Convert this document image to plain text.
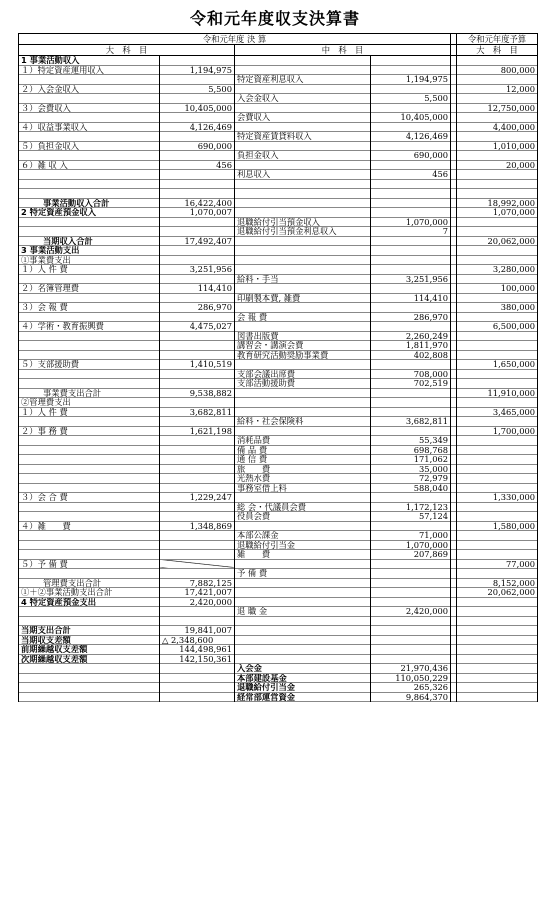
令和元年度収支決算書
令和元年度 決 算					令和元年度予算
大　科　目		中　科　目			大　科　目
1 事業活動収入					
１）特定資産運用収入	1,194,975				800,000
		特定資産利息収入	1,194,975		
２）入会金収入	5,500				12,000
		入会金収入	5,500		
３）会費収入	10,405,000				12,750,000
		会費収入	10,405,000		
４）収益事業収入	4,126,469				4,400,000
		特定資産賃貸料収入	4,126,469		
５）負担金収入	690,000				1,010,000
		負担金収入	690,000		
６）雑 収 入	456				20,000
		利息収入	456		

事業活動収入合計	16,422,400				18,992,000
2 特定資産預金収入	1,070,007				1,070,000
		退職給付引当預金収入	1,070,000		
		退職給付引当預金利息収入	7		
当期収入合計	17,492,407				20,062,000
3 事業活動支出					
①事業費支出					
１）人 件 費	3,251,956				3,280,000
		給料・手当	3,251,956		
２）名簿管理費	114,410				100,000
		印刷製本費, 雑費	114,410		
３）会 報 費	286,970				380,000
		会 報 費	286,970		
４）学術・教育振興費	4,475,027				6,500,000
		図書出版費	2,260,249		
		講習会・講演会費	1,811,970		
		教育研究活動奨励事業費	402,808		
５）支部援助費	1,410,519				1,650,000
		支部会議出席費	708,000		
		支部活動援助費	702,519		
事業費支出合計	9,538,882				11,910,000
②管理費支出					
１）人 件 費	3,682,811				3,465,000
		給料・社会保険料	3,682,811		
２）事 務 費	1,621,198				1,700,000
		消耗品費	55,349		
		備 品 費	698,768		
		通 信 費	171,062		
		旅　　費	35,000		
		光熱水費	72,979		
		事務室借上料	588,040		
３）会 合 費	1,229,247				1,330,000
		総 会・代議員会費	1,172,123		
		役員会費	57,124		
４）雑　　費	1,348,869				1,580,000
		本部公課金	71,000		
		退職給付引当金	1,070,000		
		雑　　費	207,869		
５）予 備 費					77,000
		予 備 費			
管理費支出合計	7,882,125				8,152,000
①＋②事業活動支出合計	17,421,007				20,062,000
4 特定資産預金支出	2,420,000				
		退 職 金	2,420,000		

当期支出合計	19,841,007				
当期収支差額	△ 2,348,600				
前期繰越収支差額	144,498,961				
次期繰越収支差額	142,150,361				
		入会金	21,970,436		
		本部建設基金	110,050,229		
		退職給付引当金	265,326		
		経常部運営資金	9,864,370		
